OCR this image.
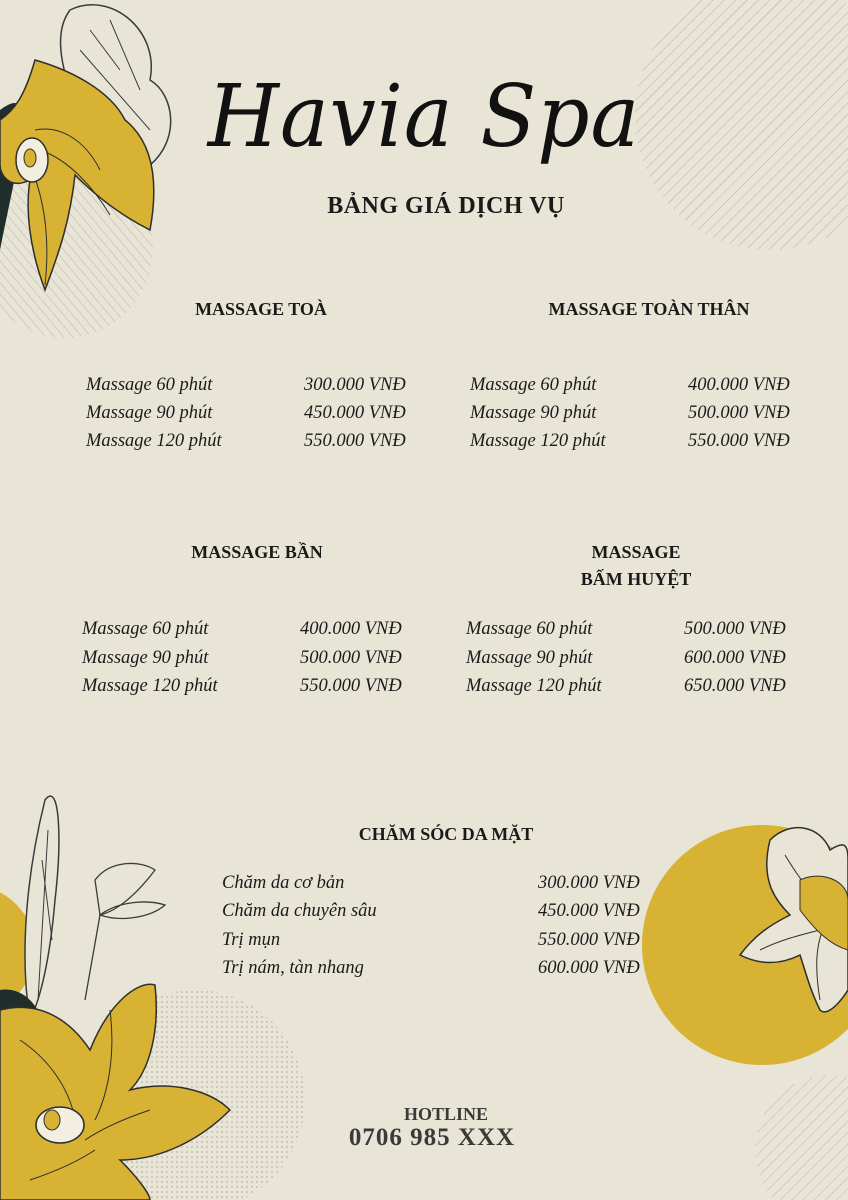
Havia Spa
BẢNG GIÁ DỊCH VỤ
MASSAGE TOÀ
Massage 60 phút	300.000 VNĐ
Massage 90 phút	450.000 VNĐ
Massage 120 phút	550.000 VNĐ
MASSAGE TOÀN THÂN
Massage 60 phút	400.000 VNĐ
Massage 90 phút	500.000 VNĐ
Massage 120 phút	550.000 VNĐ
MASSAGE BẦN
Massage 60 phút	400.000 VNĐ
Massage 90 phút	500.000 VNĐ
Massage 120 phút	550.000 VNĐ
MASSAGE
BẤM HUYỆT
Massage 60 phút	500.000 VNĐ
Massage 90 phút	600.000 VNĐ
Massage 120 phút	650.000 VNĐ
CHĂM SÓC DA MẶT
Chăm da cơ bản	300.000 VNĐ
Chăm da chuyên sâu	450.000 VNĐ
Trị mụn	550.000 VNĐ
Trị nám, tàn nhang	600.000 VNĐ
HOTLINE
0706 985 XXX
